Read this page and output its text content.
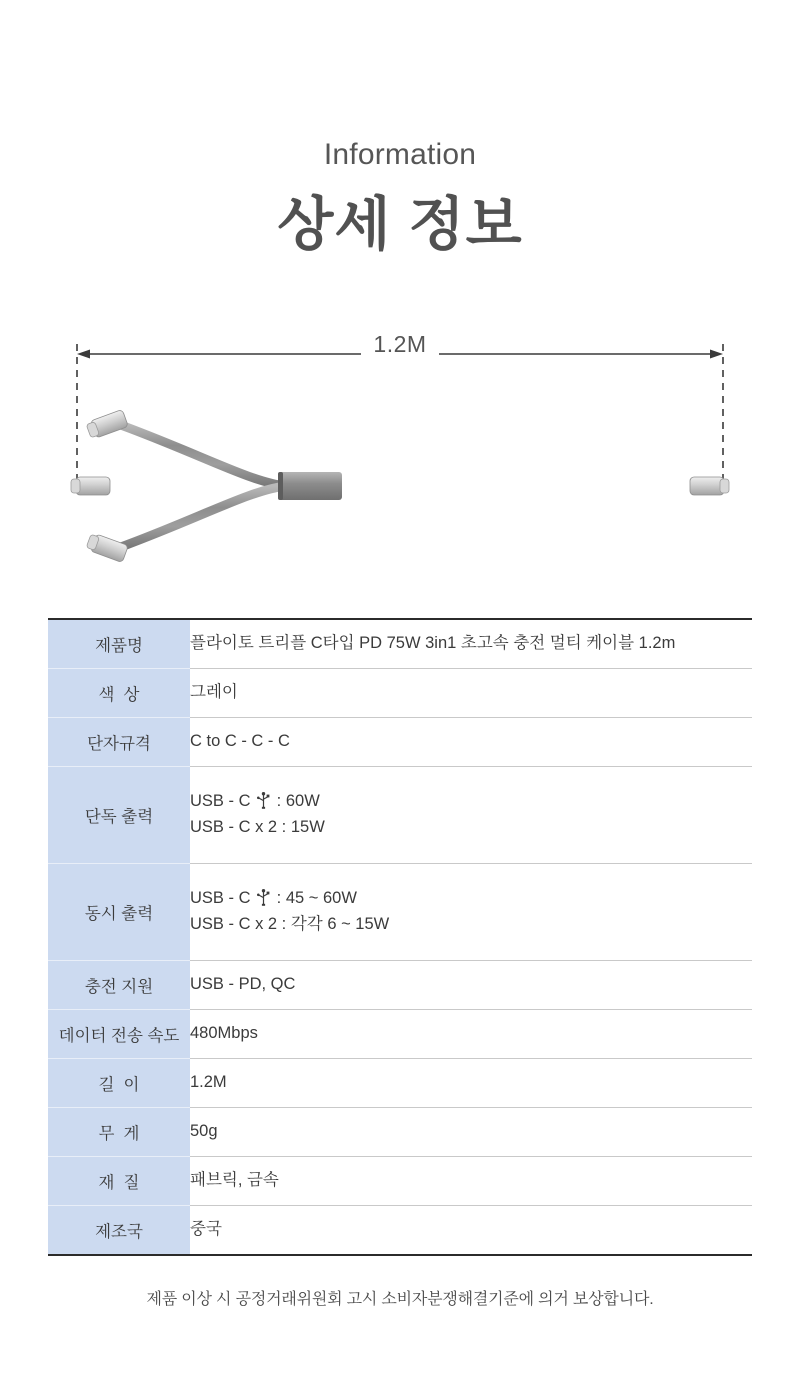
Information
상세 정보
1.2M
제품명	플라이토 트리플 C타입 PD 75W 3in1 초고속 충전 멀티 케이블 1.2m

색상	그레이

단자규격	C to C - C - C

단독 출력	USB - C  : 60W
USB - C x 2 : 15W

동시 출력	USB - C  : 45 ~ 60W
USB - C x 2 : 각각 6 ~ 15W

충전 지원	USB - PD, QC

데이터 전송 속도	480Mbps

길이	1.2M

무게	50g

재질	패브릭, 금속

제조국	중국
제품 이상 시 공정거래위원회 고시 소비자분쟁해결기준에 의거 보상합니다.
